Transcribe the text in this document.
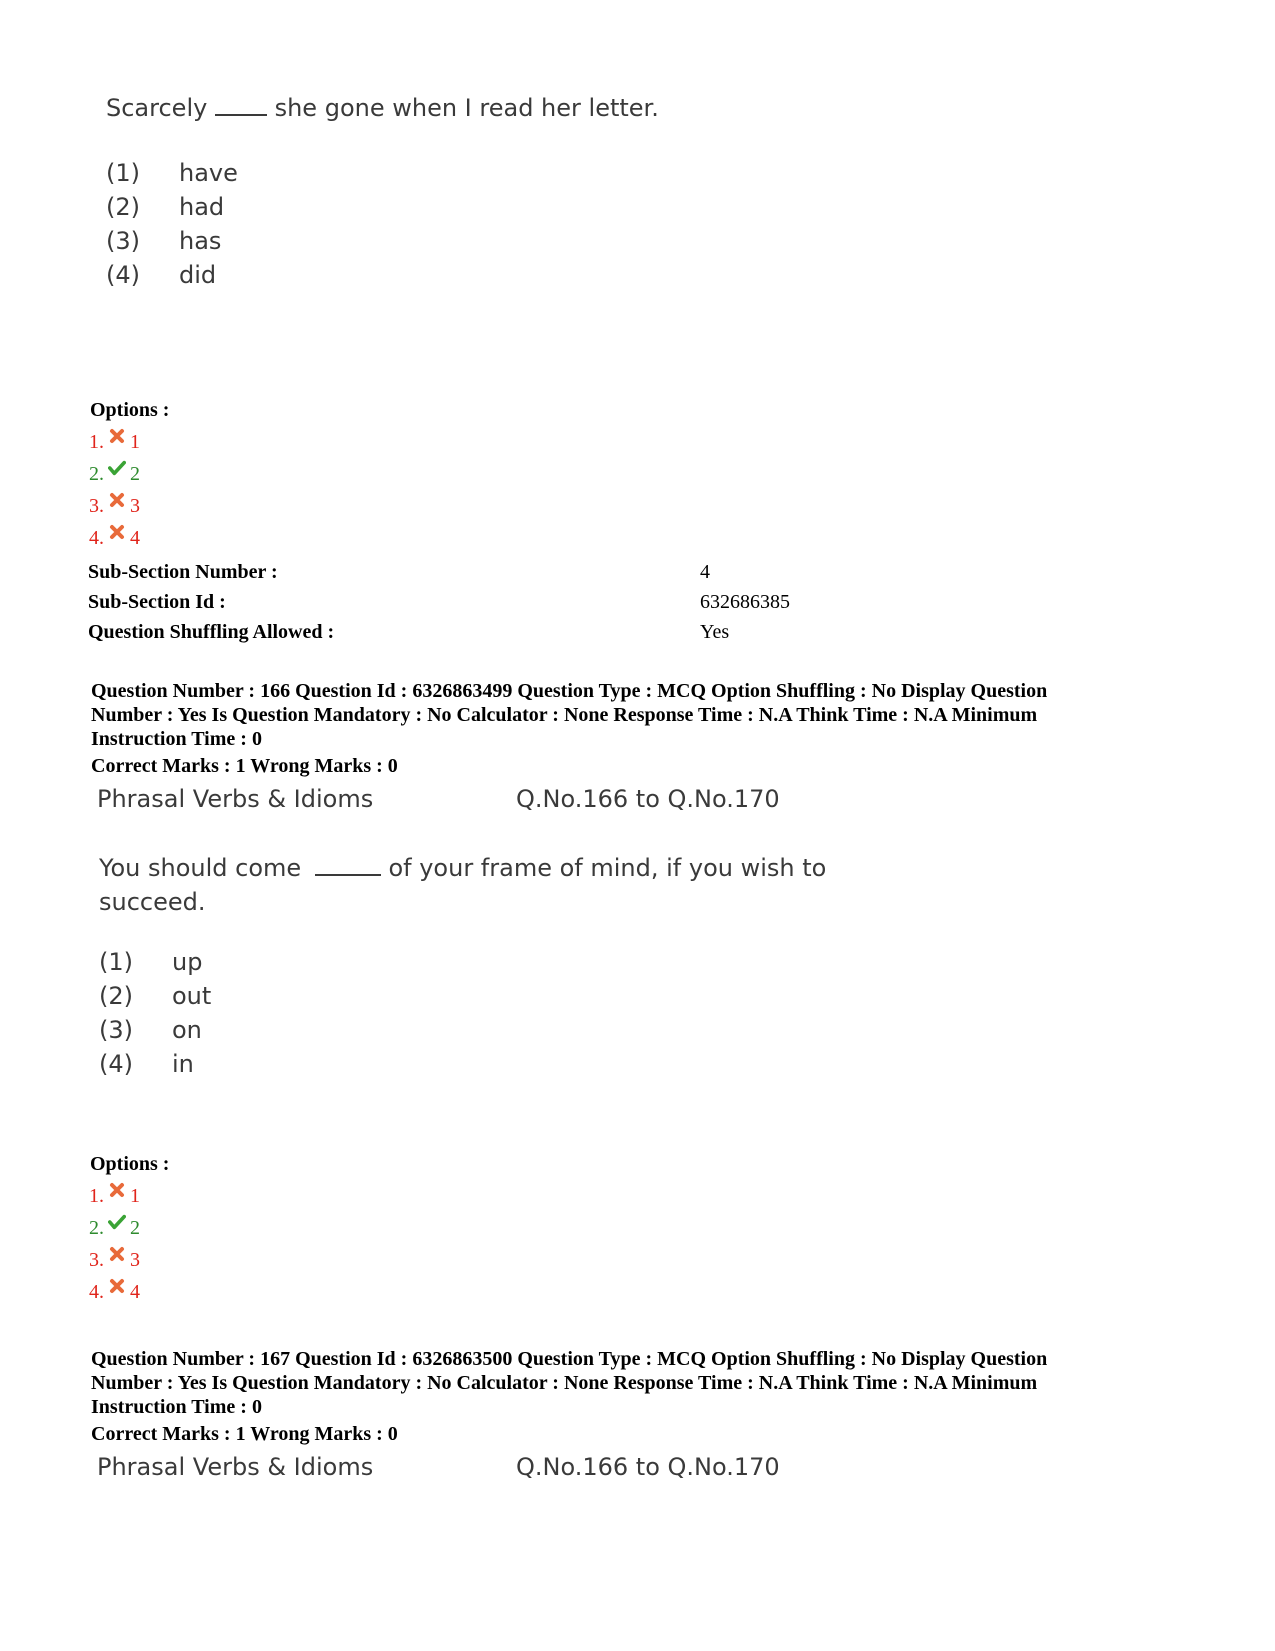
Scarcely	she gone when I read her letter.
(1) have
(2) had
(3) has
(4) did
Options :
1. 1
2. 2
3. 3
4. 4
Sub-Section Number :	4
Sub-Section Id :	632686385
Question Shuffling Allowed :	Yes
Question Number : 166 Question Id : 6326863499 Question Type : MCQ Option Shuffling : No Display Question
Number : Yes Is Question Mandatory : No Calculator : None Response Time : N.A Think Time : N.A Minimum
Instruction Time : 0
Correct Marks : 1 Wrong Marks : 0
Phrasal Verbs & Idioms	Q.No.166 to Q.No.170
You should come	of your frame of mind, if you wish to
succeed.
(1) up
(2) out
(3) on
(4) in
Options :
1. 1
2. 2
3. 3
4. 4
Question Number : 167 Question Id : 6326863500 Question Type : MCQ Option Shuffling : No Display Question
Number : Yes Is Question Mandatory : No Calculator : None Response Time : N.A Think Time : N.A Minimum
Instruction Time : 0
Correct Marks : 1 Wrong Marks : 0
Phrasal Verbs & Idioms	Q.No.166 to Q.No.170
